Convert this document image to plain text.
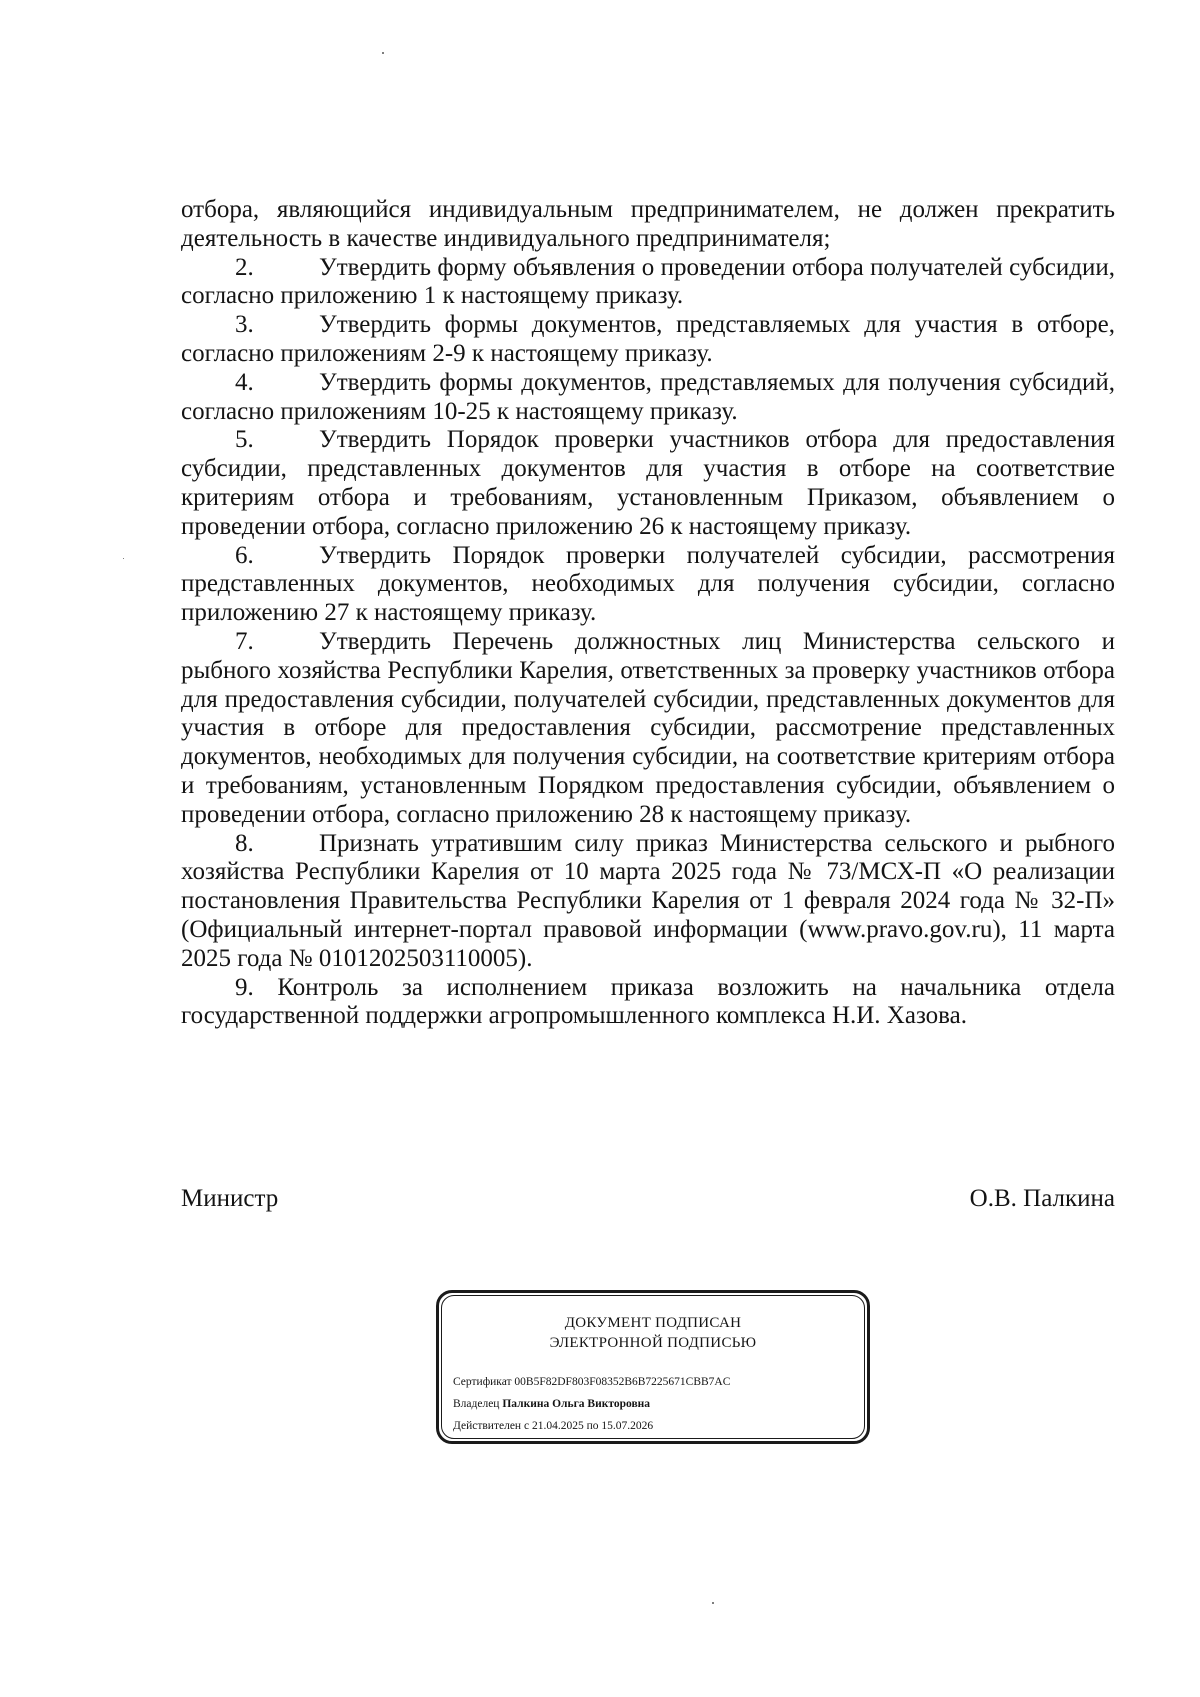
отбора, являющийся индивидуальным предпринимателем, не должен прекратить деятельность в качестве индивидуального предпринимателя;

2.	Утвердить форму объявления о проведении отбора получателей субсидии, согласно приложению 1 к настоящему приказу.

3.	Утвердить формы документов, представляемых для участия в отборе, согласно приложениям 2-9 к настоящему приказу.

4.	Утвердить формы документов, представляемых для получения субсидий, согласно приложениям 10-25 к настоящему приказу.

5.	Утвердить Порядок проверки участников отбора для предоставления субсидии, представленных документов для участия в отборе на соответствие критериям отбора и требованиям, установленным Приказом, объявлением о проведении отбора, согласно приложению 26 к настоящему приказу.

6.	Утвердить Порядок проверки получателей субсидии, рассмотрения представленных документов, необходимых для получения субсидии, согласно приложению 27 к настоящему приказу.

7.	Утвердить Перечень должностных лиц Министерства сельского и рыбного хозяйства Республики Карелия, ответственных за проверку участников отбора для предоставления субсидии, получателей субсидии, представленных документов для участия в отборе для предоставления субсидии, рассмотрение представленных документов, необходимых для получения субсидии, на соответствие критериям отбора и требованиям, установленным Порядком предоставления субсидии, объявлением о проведении отбора, согласно приложению 28 к настоящему приказу.

8.	Признать утратившим силу приказ Министерства сельского и рыбного хозяйства Республики Карелия от 10 марта 2025 года № 73/МСХ-П «О реализации постановления Правительства Республики Карелия от 1 февраля 2024 года № 32-П» (Официальный интернет-портал правовой информации (www.pravo.gov.ru), 11 марта 2025 года № 0101202503110005).

9. Контроль за исполнением приказа возложить на начальника отдела государственной поддержки агропромышленного комплекса Н.И. Хазова.

Министр	О.В. Палкина
ДОКУМЕНТ ПОДПИСАН
ЭЛЕКТРОННОЙ ПОДПИСЬЮ
Сертификат 00B5F82DF803F08352B6B7225671CBB7AC
Владелец Палкина Ольга Викторовна
Действителен с 21.04.2025 по 15.07.2026
